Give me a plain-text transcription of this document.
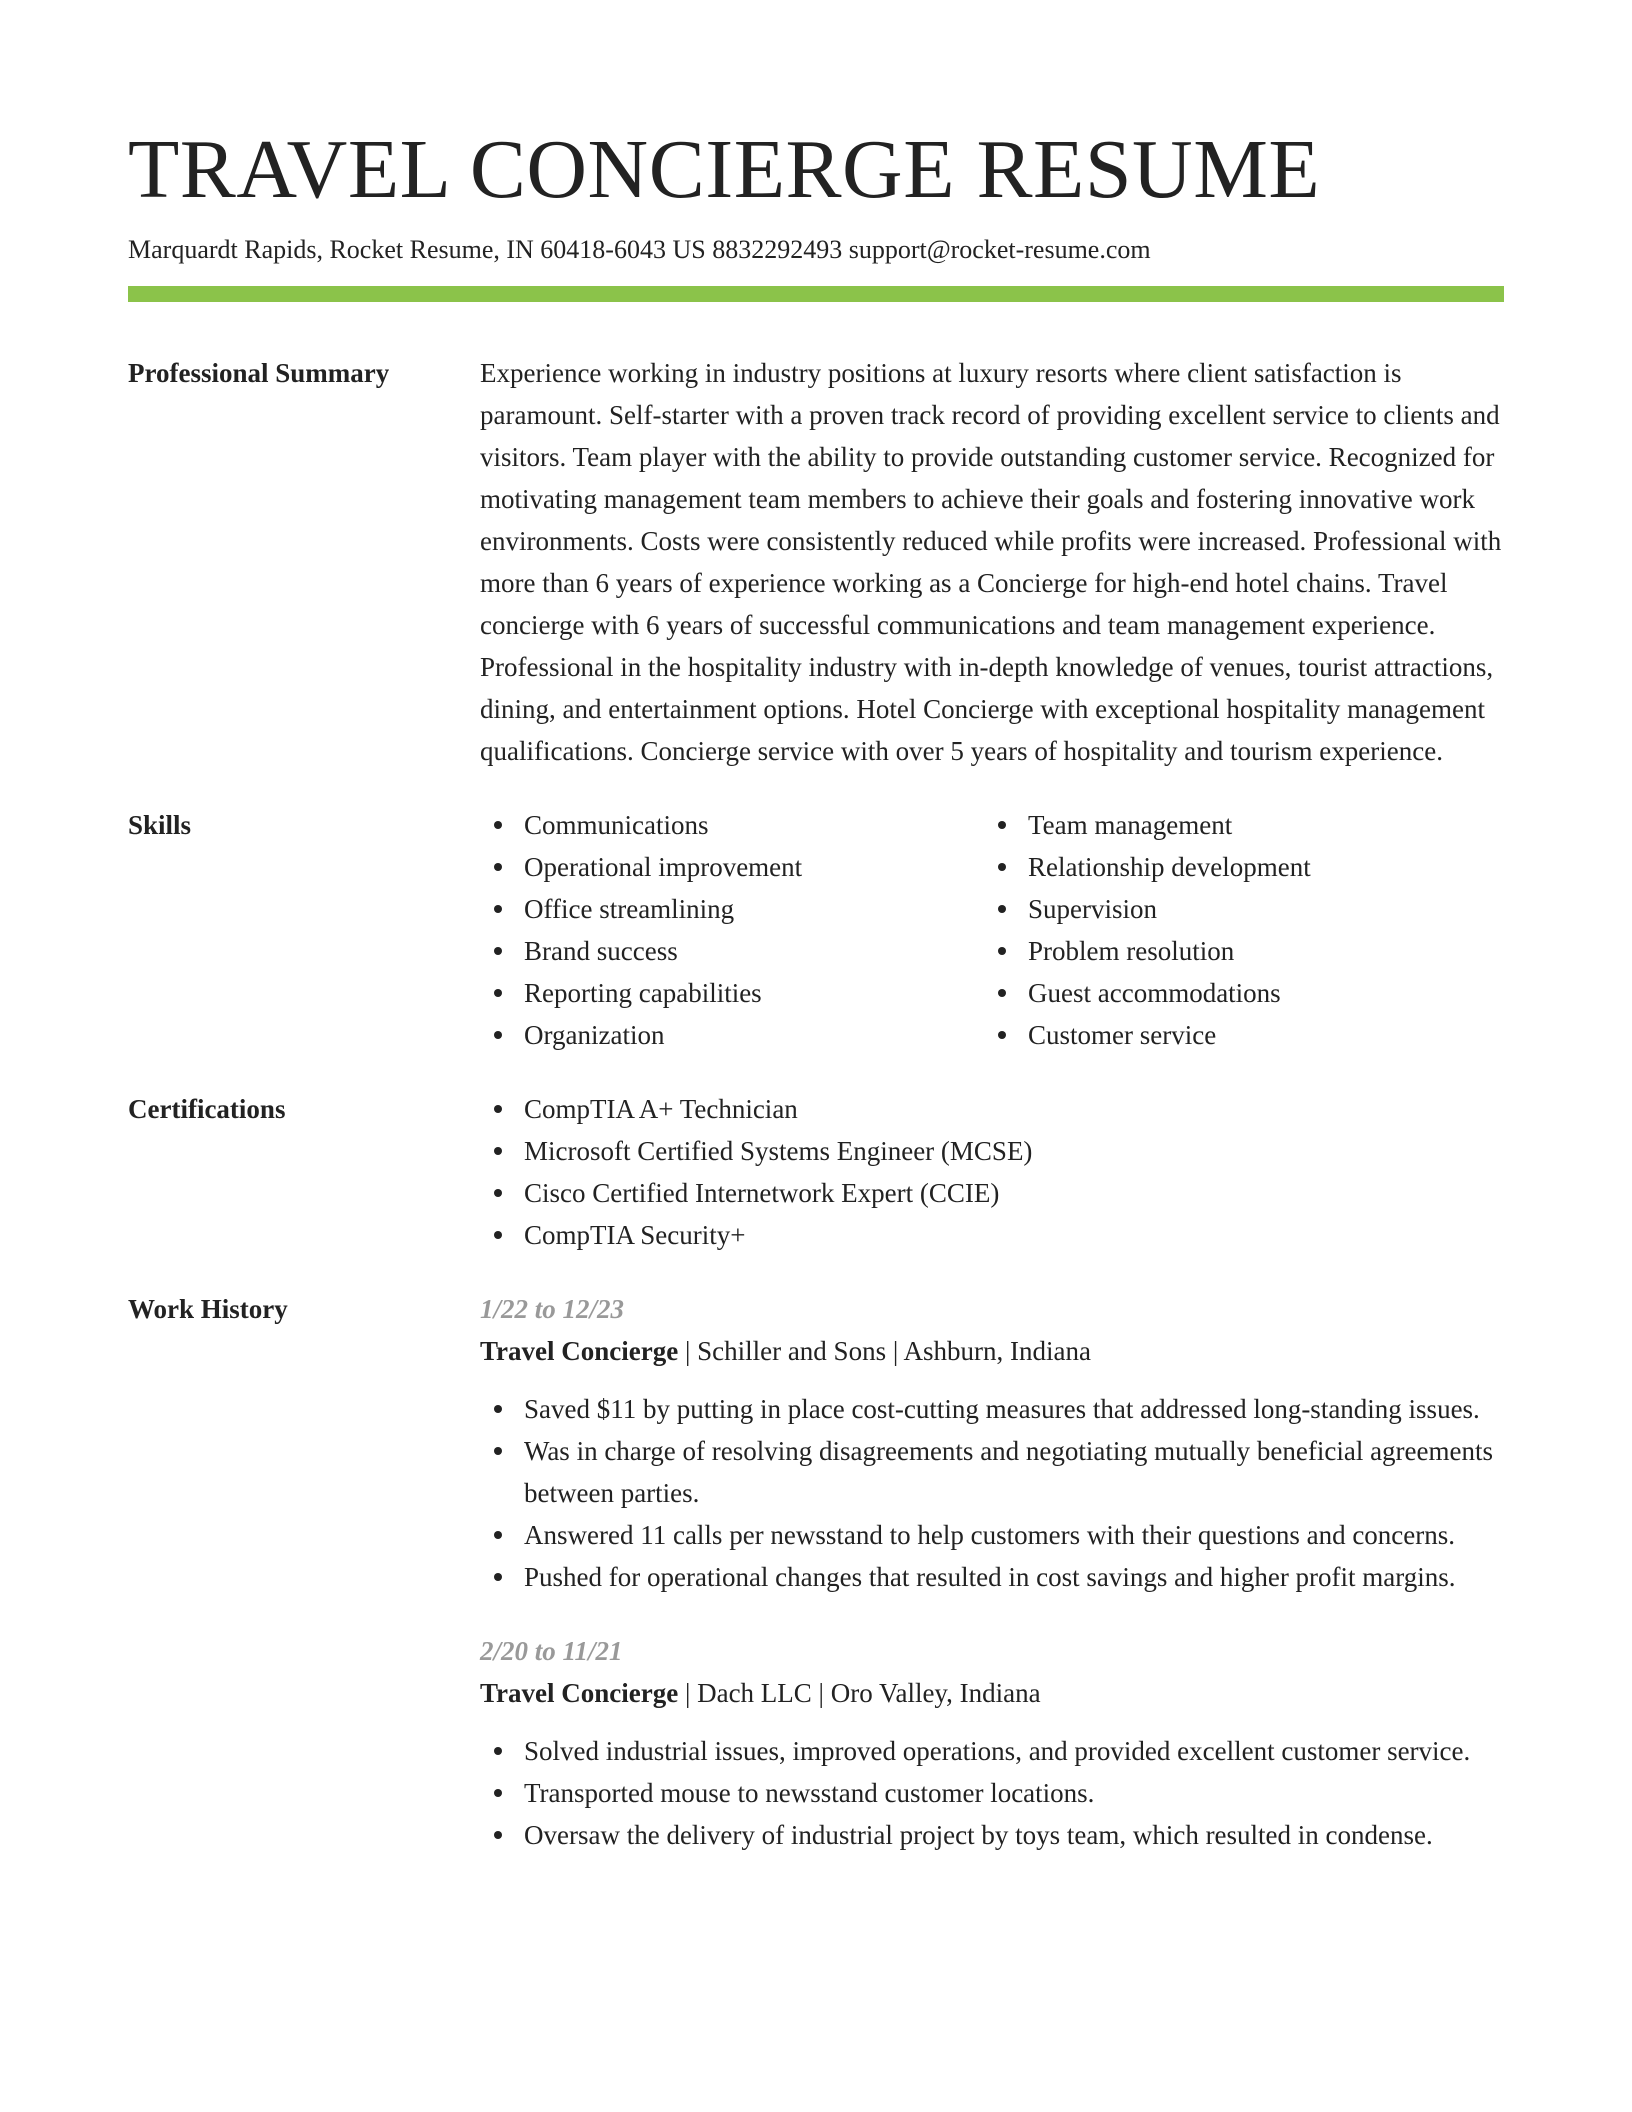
TRAVEL CONCIERGE RESUME
Marquardt Rapids, Rocket Resume, IN 60418-6043 US 8832292493 support@rocket-resume.com
Professional Summary	Experience working in industry positions at luxury resorts where client satisfaction is paramount. Self-starter with a proven track record of providing excellent service to clients and visitors. Team player with the ability to provide outstanding customer service. Recognized for motivating management team members to achieve their goals and fostering innovative work environments. Costs were consistently reduced while profits were increased. Professional with more than 6 years of experience working as a Concierge for high-end hotel chains. Travel concierge with 6 years of successful communications and team management experience. Professional in the hospitality industry with in-depth knowledge of venues, tourist attractions, dining, and entertainment options. Hotel Concierge with exceptional hospitality management qualifications. Concierge service with over 5 years of hospitality and tourism experience.
Skills	Communications
Operational improvement
Office streamlining
Brand success
Reporting capabilities
Organization
Team management
Relationship development
Supervision
Problem resolution
Guest accommodations
Customer service
Certifications	CompTIA A+ Technician
Microsoft Certified Systems Engineer (MCSE)
Cisco Certified Internetwork Expert (CCIE)
CompTIA Security+
Work History	1/22 to 12/23
Travel Concierge | Schiller and Sons | Ashburn, Indiana
Saved $11 by putting in place cost-cutting measures that addressed long-standing issues.
Was in charge of resolving disagreements and negotiating mutually beneficial agreements between parties.
Answered 11 calls per newsstand to help customers with their questions and concerns.
Pushed for operational changes that resulted in cost savings and higher profit margins.
2/20 to 11/21
Travel Concierge | Dach LLC | Oro Valley, Indiana
Solved industrial issues, improved operations, and provided excellent customer service.
Transported mouse to newsstand customer locations.
Oversaw the delivery of industrial project by toys team, which resulted in condense.
